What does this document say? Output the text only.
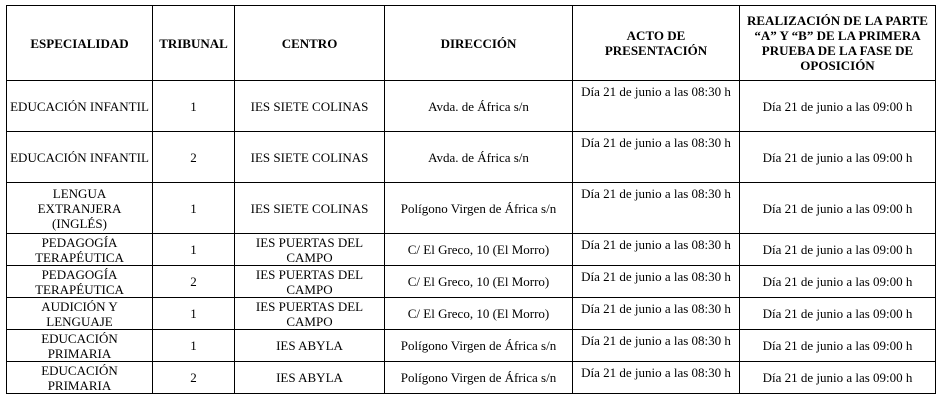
ESPECIALIDAD	TRIBUNAL	CENTRO	DIRECCIÓN	ACTO DE PRESENTACIÓN	REALIZACIÓN DE LA PARTE “A” Y “B” DE LA PRIMERA PRUEBA DE LA FASE DE OPOSICIÓN
EDUCACIÓN INFANTIL	1	IES SIETE COLINAS	Avda. de África s/n	Día 21 de junio a las 08:30 h	Día 21 de junio a las 09:00 h
EDUCACIÓN INFANTIL	2	IES SIETE COLINAS	Avda. de África s/n	Día 21 de junio a las 08:30 h	Día 21 de junio a las 09:00 h
LENGUA EXTRANJERA (INGLÉS)	1	IES SIETE COLINAS	Polígono Virgen de África s/n	Día 21 de junio a las 08:30 h	Día 21 de junio a las 09:00 h
PEDAGOGÍA TERAPÉUTICA	1	IES PUERTAS DEL CAMPO	C/ El Greco, 10 (El Morro)	Día 21 de junio a las 08:30 h	Día 21 de junio a las 09:00 h
PEDAGOGÍA TERAPÉUTICA	2	IES PUERTAS DEL CAMPO	C/ El Greco, 10 (El Morro)	Día 21 de junio a las 08:30 h	Día 21 de junio a las 09:00 h
AUDICIÓN Y LENGUAJE	1	IES PUERTAS DEL CAMPO	C/ El Greco, 10 (El Morro)	Día 21 de junio a las 08:30 h	Día 21 de junio a las 09:00 h
EDUCACIÓN PRIMARIA	1	IES ABYLA	Polígono Virgen de África s/n	Día 21 de junio a las 08:30 h	Día 21 de junio a las 09:00 h
EDUCACIÓN PRIMARIA	2	IES ABYLA	Polígono Virgen de África s/n	Día 21 de junio a las 08:30 h	Día 21 de junio a las 09:00 h
